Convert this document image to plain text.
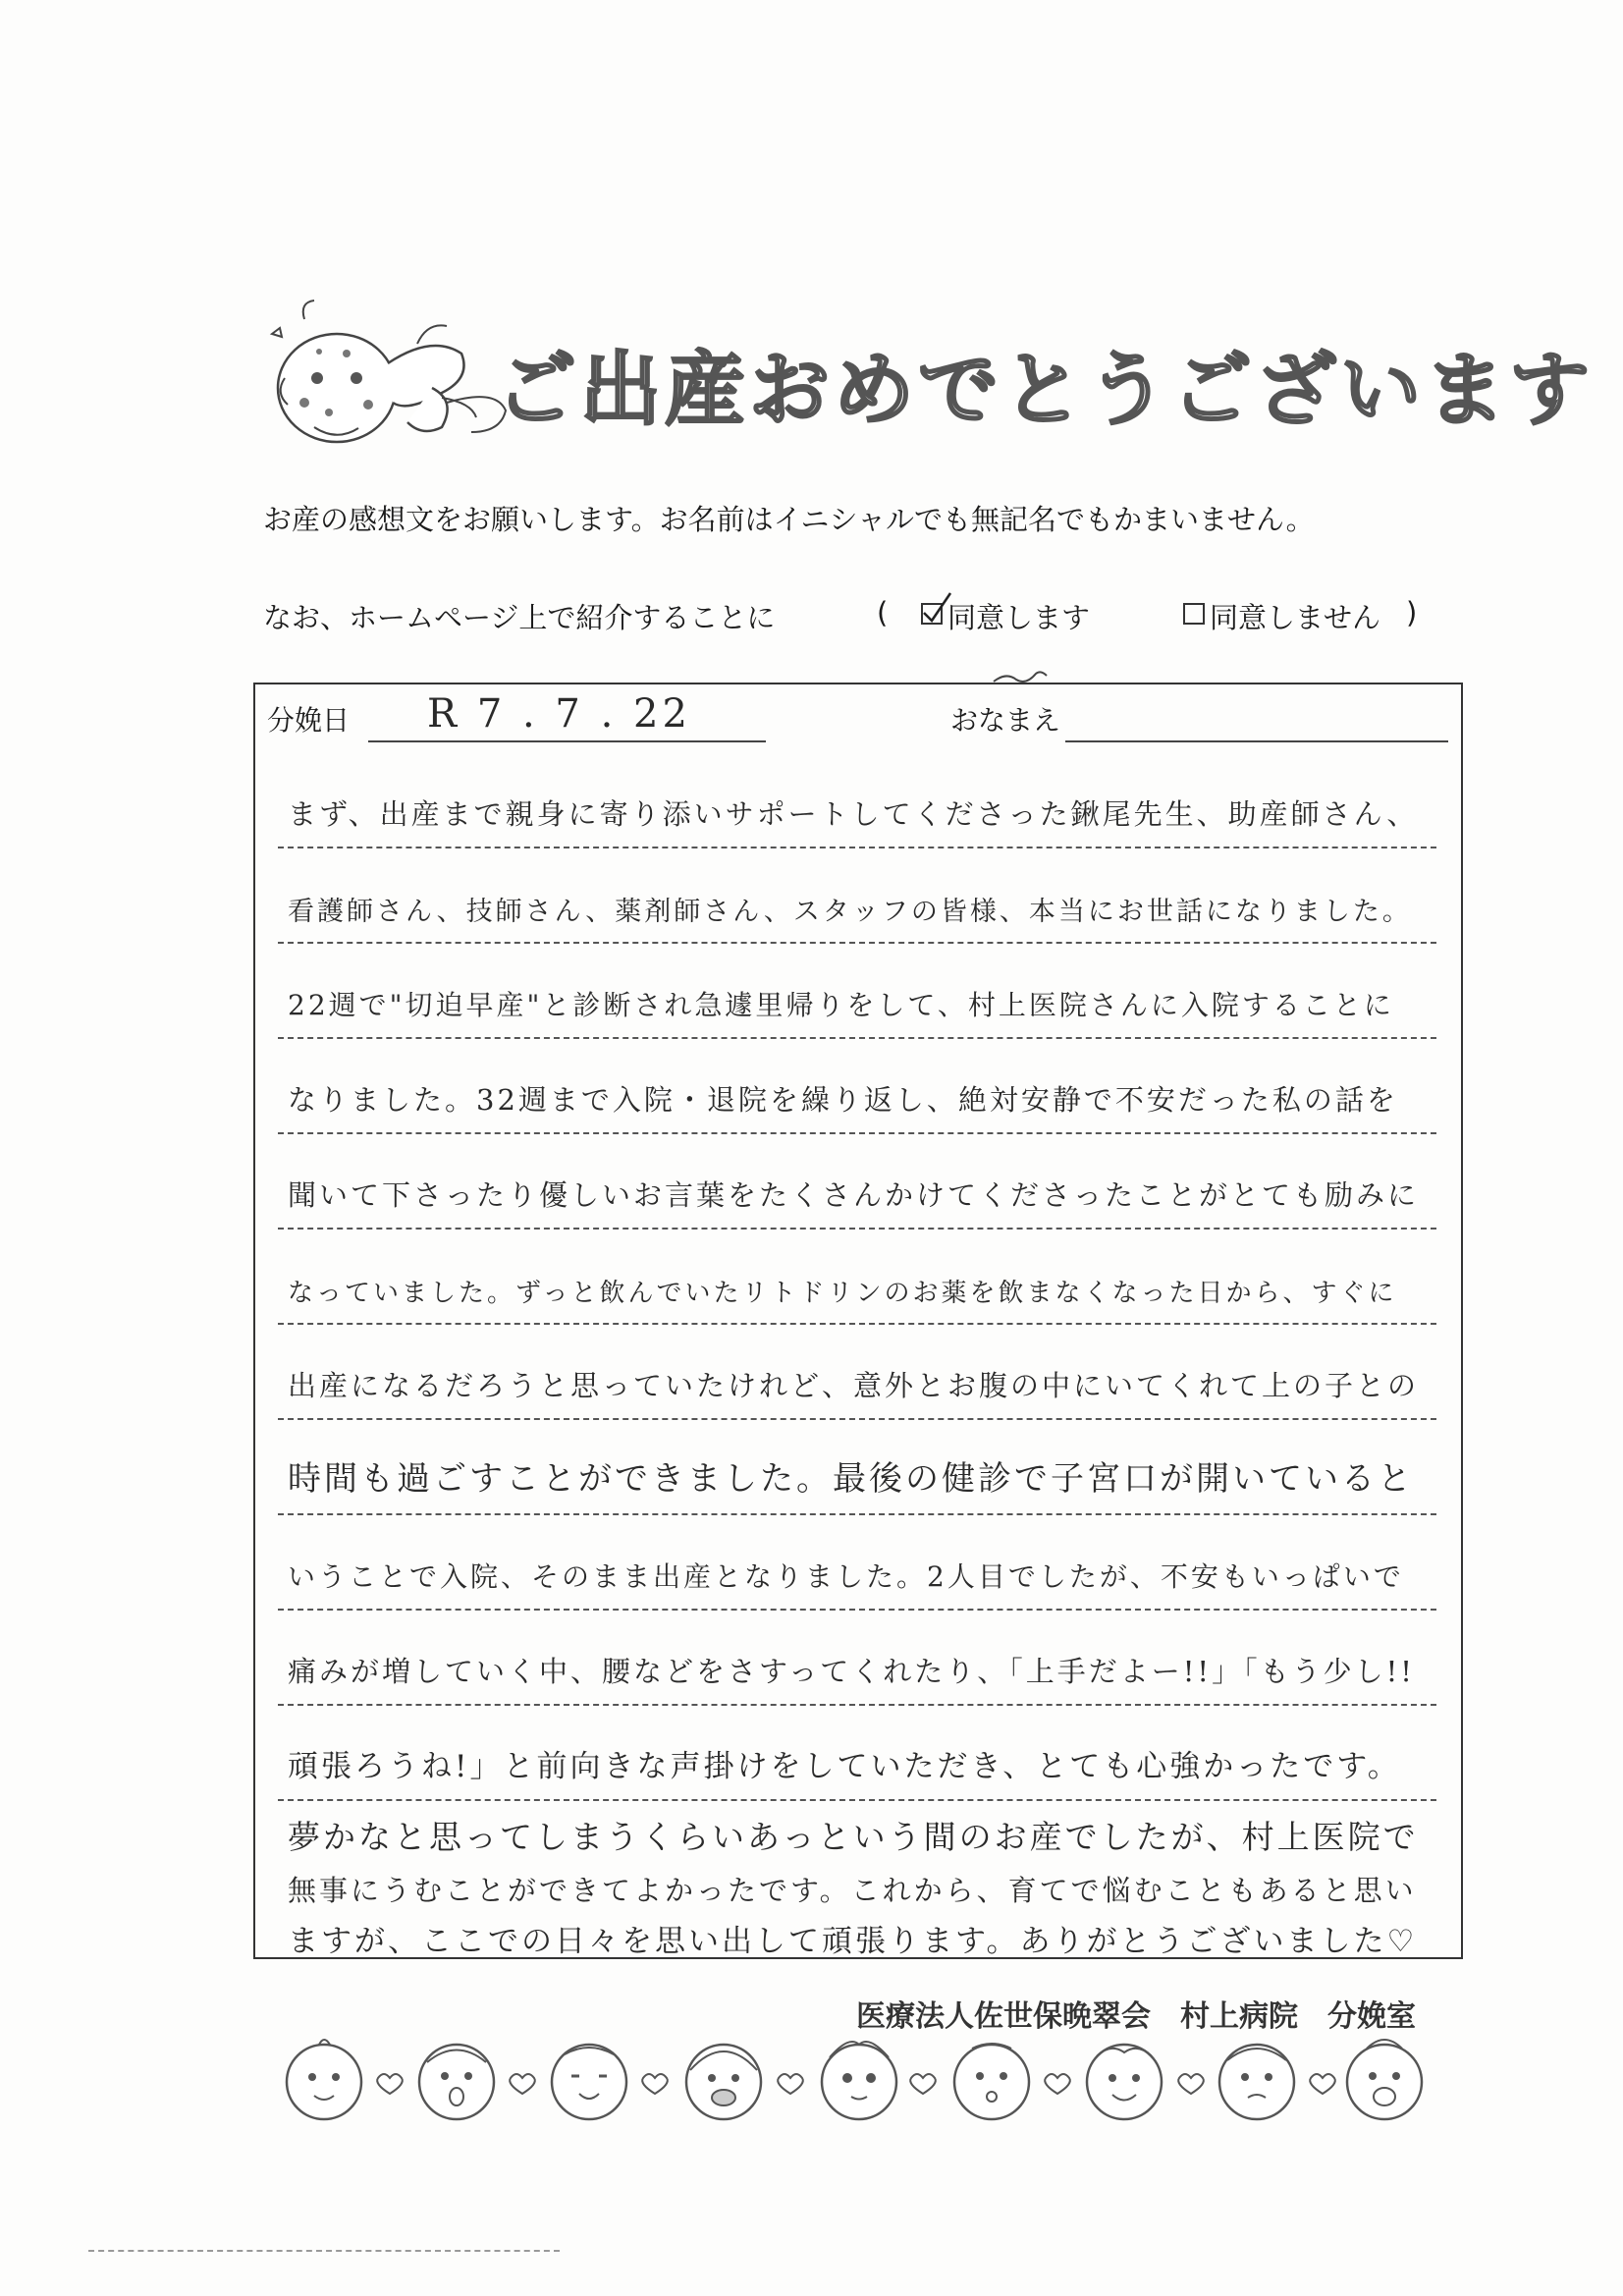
ご出産おめでとうございます
お産の感想文をお願いします。お名前はイニシャルでも無記名でもかまいません。
なお、ホームページ上で紹介することに	( 同意します	同意しません )
分娩日 R 7 . 7 . 22	おなまえ
まず、出産まで親身に寄り添いサポートしてくださった鍬尾先生、助産師さん、
看護師さん、技師さん、薬剤師さん、スタッフの皆様、本当にお世話になりました。
22週で"切迫早産"と診断され急遽里帰りをして、村上医院さんに入院することに
なりました。32週まで入院・退院を繰り返し、絶対安静で不安だった私の話を
聞いて下さったり優しいお言葉をたくさんかけてくださったことがとても励みに
なっていました。ずっと飲んでいたリトドリンのお薬を飲まなくなった日から、すぐに
出産になるだろうと思っていたけれど、意外とお腹の中にいてくれて上の子との
時間も過ごすことができました。最後の健診で子宮口が開いていると
いうことで入院、そのまま出産となりました。2人目でしたが、不安もいっぱいで
痛みが増していく中、腰などをさすってくれたり、「上手だよー!!」「もう少し!!
頑張ろうね!」と前向きな声掛けをしていただき、とても心強かったです。
夢かなと思ってしまうくらいあっという間のお産でしたが、村上医院で
無事にうむことができてよかったです。これから、育てで悩むこともあると思い
ますが、ここでの日々を思い出して頑張ります。ありがとうございました♡
医療法人佐世保晩翠会　村上病院　分娩室
